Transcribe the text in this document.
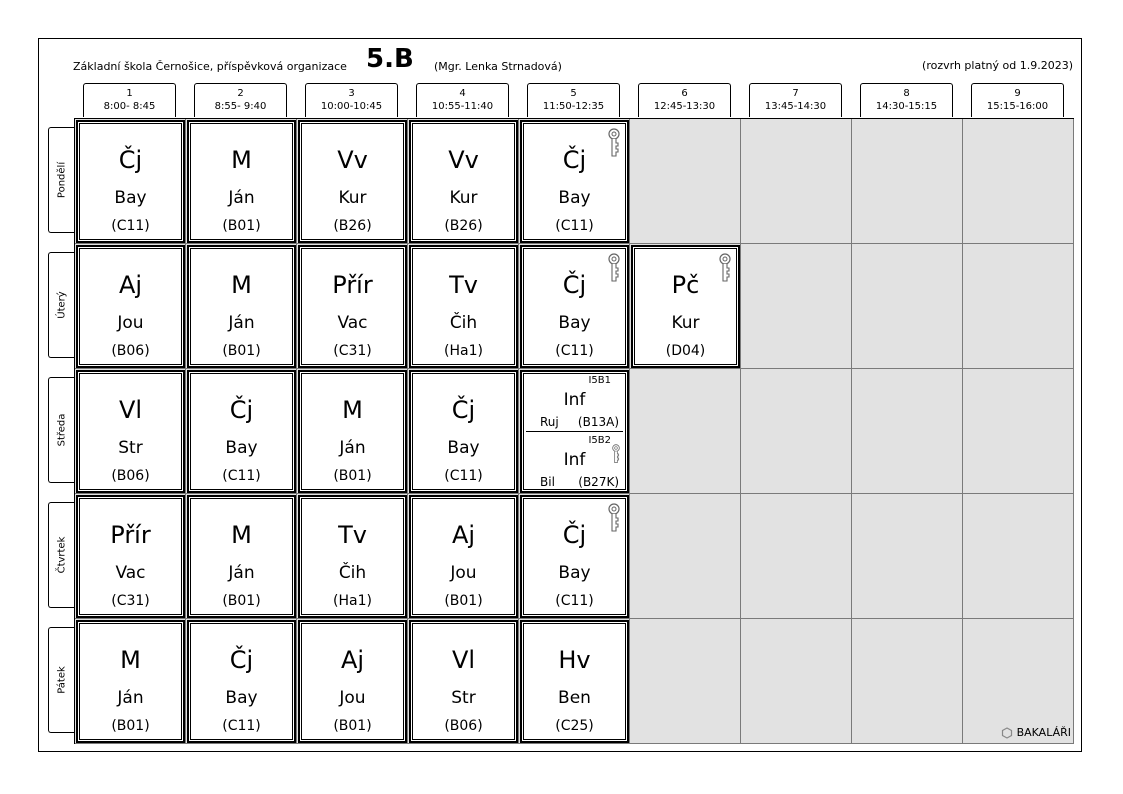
Základní škola Černošice, příspěvková organizace 5.B (Mgr. Lenka Strnadová)	(rozvrh platný od 1.9.2023)
1
8:00- 8:45
2
8:55- 9:40
3
10:00-10:45
4
10:55-11:40
5
11:50-12:35
6
12:45-13:30
7
13:45-14:30
8
14:30-15:15
9
15:15-16:00
Pondělí
Úterý
Středa
Čtvrtek
Pátek
Čj
Bay
(C11)
M
Ján
(B01)
Vv
Kur
(B26)
Vv
Kur
(B26)
Čj
Bay
(C11)
Aj
Jou
(B06)
M
Ján
(B01)
Přír
Vac
(C31)
Tv
Čih
(Ha1)
Čj
Bay
(C11)
Pč
Kur
(D04)
Vl
Str
(B06)
Čj
Bay
(C11)
M
Ján
(B01)
Čj
Bay
(C11)
I5B1
Inf
Ruj (B13A)
I5B2
Inf
Bil (B27K)
Přír
Vac
(C31)
M
Ján
(B01)
Tv
Čih
(Ha1)
Aj
Jou
(B01)
Čj
Bay
(C11)
M
Ján
(B01)
Čj
Bay
(C11)
Aj
Jou
(B01)
Vl
Str
(B06)
Hv
Ben
(C25)	BAKALÁŘI
